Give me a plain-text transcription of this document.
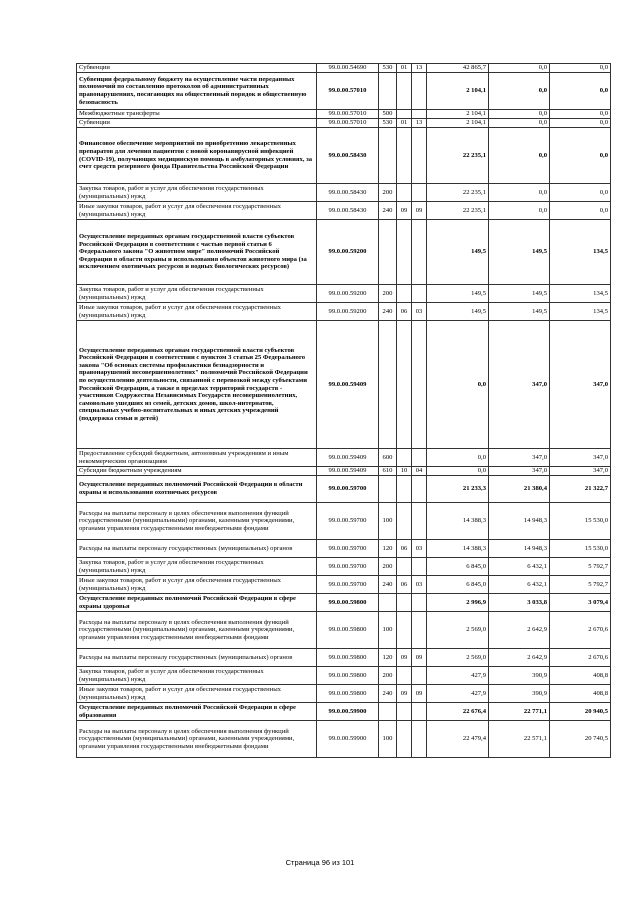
Субвенции	99.0.00.54690	530	01	13	42 865,7	0,0	0,0
Субвенции федеральному бюджету на осуществление части переданных полномочий по составлению протоколов об административных правонарушениях, посягающих на общественный порядок и общественную безопасность	99.0.00.57010				2 104,1	0,0	0,0
Межбюджетные трансферты	99.0.00.57010	500			2 104,1	0,0	0,0
Субвенции	99.0.00.57010	530	01	13	2 104,1	0,0	0,0
Финансовое обеспечение мероприятий по приобретению лекарственных препаратов для лечения пациентов с новой коронавирусной инфекцией (COVID-19), получающих медицинскую помощь в амбулаторных условиях, за счет средств резервного фонда Правительства Российской Федерации	99.0.00.58430				22 235,1	0,0	0,0
Закупка товаров, работ и услуг для обеспечения государственных (муниципальных) нужд	99.0.00.58430	200			22 235,1	0,0	0,0
Иные закупки товаров, работ и услуг для обеспечения государственных (муниципальных) нужд	99.0.00.58430	240	09	09	22 235,1	0,0	0,0
Осуществление переданных органам государственной власти субъектов Российской Федерации в соответствии с частью первой статьи 6 Федерального закона "О животном мире" полномочий Российской Федерации в области охраны и использования объектов животного мира (за исключением охотничьих ресурсов и водных биологических ресурсов)	99.0.00.59200				149,5	149,5	134,5
Закупка товаров, работ и услуг для обеспечения государственных (муниципальных) нужд	99.0.00.59200	200			149,5	149,5	134,5
Иные закупки товаров, работ и услуг для обеспечения государственных (муниципальных) нужд	99.0.00.59200	240	06	03	149,5	149,5	134,5
Осуществление переданных органам государственной власти субъектов Российской Федерации в соответствии с пунктом 3 статьи 25 Федерального закона "Об основах системы профилактики безнадзорности и правонарушений несовершеннолетних" полномочий Российской Федерации по осуществлению деятельности, связанной с перевозкой между субъектами Российской Федерации, а также в пределах территорий государств - участников Содружества Независимых Государств несовершеннолетних, самовольно ушедших из семей, детских домов, школ-интернатов, специальных учебно-воспитательных и иных детских учреждений (поддержка семьи и детей)	99.0.00.59409				0,0	347,0	347,0
Предоставление субсидий бюджетным, автономным учреждениям и иным некоммерческим организациям	99.0.00.59409	600			0,0	347,0	347,0
Субсидии бюджетным учреждениям	99.0.00.59409	610	10	04	0,0	347,0	347,0
Осуществление переданных полномочий Российской Федерации в области охраны и использования охотничьих ресурсов	99.0.00.59700				21 233,3	21 380,4	21 322,7
Расходы на выплаты персоналу в целях обеспечения выполнения функций государственными (муниципальными) органами, казенными учреждениями, органами управления государственными внебюджетными фондами	99.0.00.59700	100			14 388,3	14 948,3	15 530,0
Расходы на выплаты персоналу государственных (муниципальных) органов	99.0.00.59700	120	06	03	14 388,3	14 948,3	15 530,0
Закупка товаров, работ и услуг для обеспечения государственных (муниципальных) нужд	99.0.00.59700	200			6 845,0	6 432,1	5 792,7
Иные закупки товаров, работ и услуг для обеспечения государственных (муниципальных) нужд	99.0.00.59700	240	06	03	6 845,0	6 432,1	5 792,7
Осуществление переданных полномочий Российской Федерации в сфере охраны здоровья	99.0.00.59800				2 996,9	3 033,8	3 079,4
Расходы на выплаты персоналу в целях обеспечения выполнения функций государственными (муниципальными) органами, казенными учреждениями, органами управления государственными внебюджетными фондами	99.0.00.59800	100			2 569,0	2 642,9	2 670,6
Расходы на выплаты персоналу государственных (муниципальных) органов	99.0.00.59800	120	09	09	2 569,0	2 642,9	2 670,6
Закупка товаров, работ и услуг для обеспечения государственных (муниципальных) нужд	99.0.00.59800	200			427,9	390,9	408,8
Иные закупки товаров, работ и услуг для обеспечения государственных (муниципальных) нужд	99.0.00.59800	240	09	09	427,9	390,9	408,8
Осуществление переданных полномочий Российской Федерации в сфере образования	99.0.00.59900				22 676,4	22 771,1	20 940,5
Расходы на выплаты персоналу в целях обеспечения выполнения функций государственными (муниципальными) органами, казенными учреждениями, органами управления государственными внебюджетными фондами	99.0.00.59900	100			22 479,4	22 571,1	20 740,5
Страница 96 из 101
